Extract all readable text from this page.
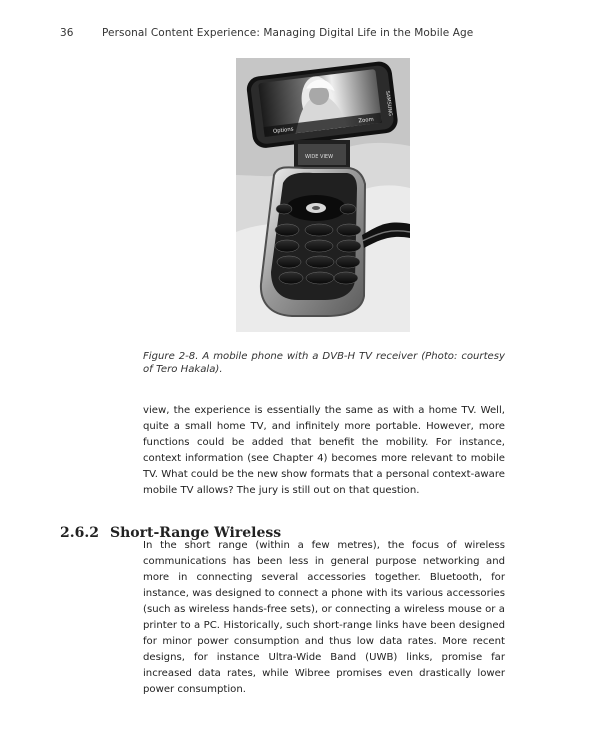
36	Personal Content Experience: Managing Digital Life in the Mobile Age
Options
Zoom
SAMSUNG
WIDE VIEW
Figure 2-8. A mobile phone with a DVB-H TV receiver (Photo: courtesy of Tero Hakala).
view, the experience is essentially the same as with a home TV. Well, quite a small home TV, and infinitely more portable. However, more functions could be added that benefit the mobility. For instance, context information (see Chapter 4) becomes more relevant to mobile TV. What could be the new show formats that a personal context-aware mobile TV allows? The jury is still out on that question.
2.6.2 Short-Range Wireless
In the short range (within a few metres), the focus of wireless communications has been less in general purpose networking and more in connecting several accessories together. Bluetooth, for instance, was designed to connect a phone with its various accessories (such as wireless hands-free sets), or connecting a wireless mouse or a printer to a PC. Historically, such short-range links have been designed for minor power consumption and thus low data rates. More recent designs, for instance Ultra-Wide Band (UWB) links, promise far increased data rates, while Wibree promises even drastically lower power consumption.
